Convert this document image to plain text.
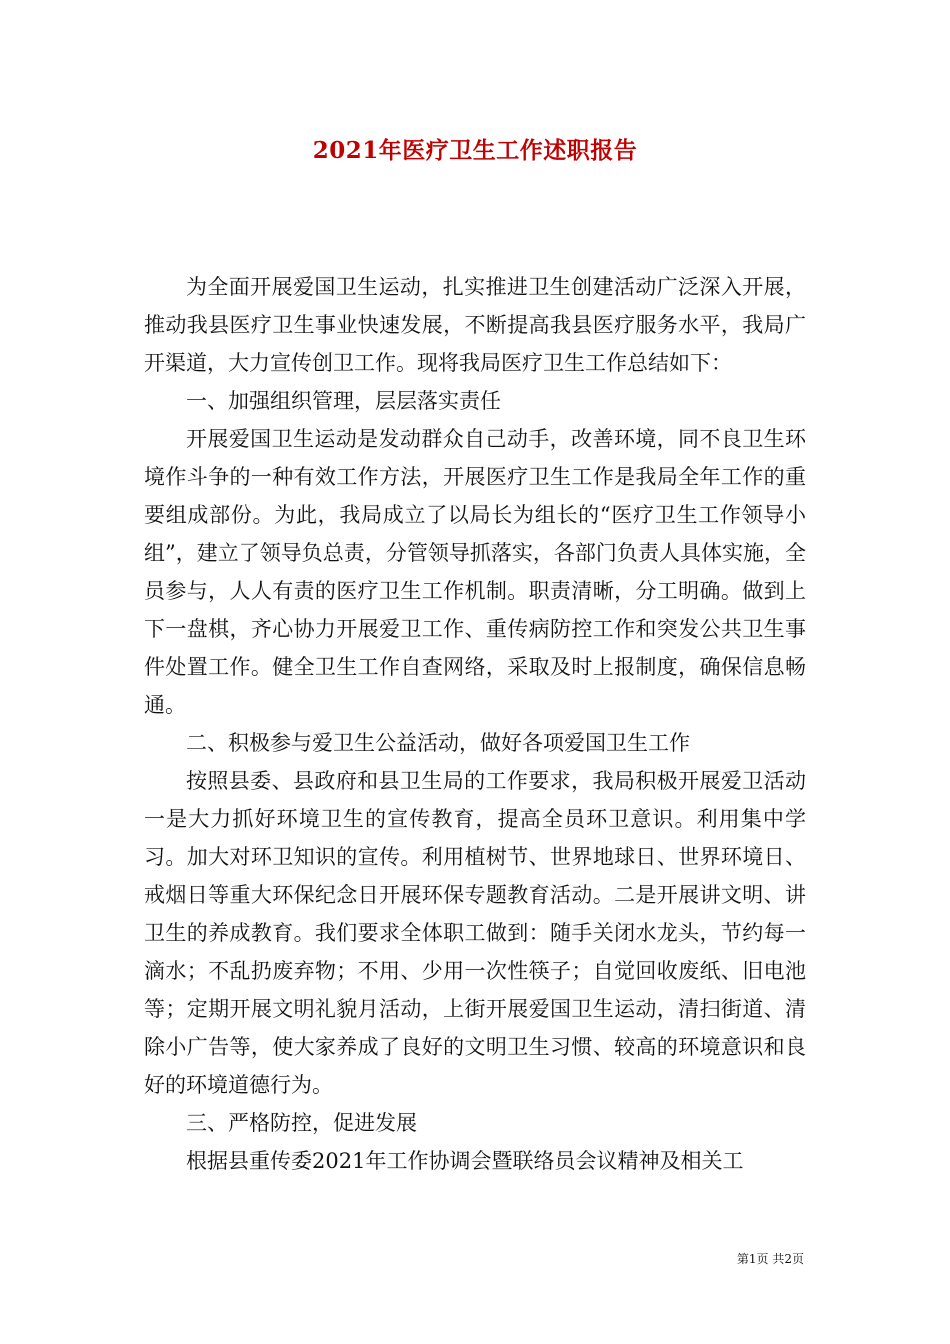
2021年医疗卫生工作述职报告

为全面开展爱国卫生运动，扎实推进卫生创建活动广泛深入开展，推动我县医疗卫生事业快速发展，不断提高我县医疗服务水平，我局广开渠道，大力宣传创卫工作。现将我局医疗卫生工作总结如下：

一、加强组织管理，层层落实责任

开展爱国卫生运动是发动群众自己动手，改善环境，同不良卫生环境作斗争的一种有效工作方法，开展医疗卫生工作是我局全年工作的重要组成部份。为此，我局成立了以局长为组长的“医疗卫生工作领导小组”，建立了领导负总责，分管领导抓落实，各部门负责人具体实施，全员参与，人人有责的医疗卫生工作机制。职责清晰，分工明确。做到上下一盘棋，齐心协力开展爱卫工作、重传病防控工作和突发公共卫生事件处置工作。健全卫生工作自查网络，采取及时上报制度，确保信息畅通。

二、积极参与爱卫生公益活动，做好各项爱国卫生工作

按照县委、县政府和县卫生局的工作要求，我局积极开展爱卫活动一是大力抓好环境卫生的宣传教育，提高全员环卫意识。利用集中学习。加大对环卫知识的宣传。利用植树节、世界地球日、世界环境日、戒烟日等重大环保纪念日开展环保专题教育活动。二是开展讲文明、讲卫生的养成教育。我们要求全体职工做到：随手关闭水龙头，节约每一滴水；不乱扔废弃物；不用、少用一次性筷子；自觉回收废纸、旧电池等；定期开展文明礼貌月活动，上街开展爱国卫生运动，清扫街道、清除小广告等，使大家养成了良好的文明卫生习惯、较高的环境意识和良好的环境道德行为。

三、严格防控，促进发展

根据县重传委2021年工作协调会暨联络员会议精神及相关工

第1页 共2页
